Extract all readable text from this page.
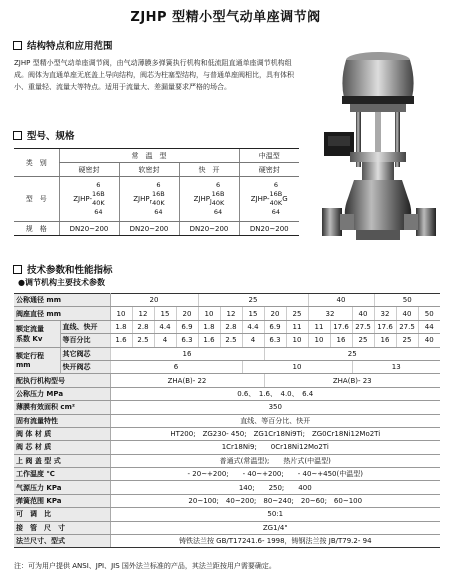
ZJHP 型精小型气动单座调节阀
结构特点和应用范围
ZJHP 型精小型气动单座调节阀，由气动薄膜多弹簧执行机构和低流阻直通单座调节机构组成。阀体为直通单座无底盖上导向结构，阀芯为柱塞型结构，与普通单座阀相比，具有体积小、重量轻、流量大等特点。适用于流量大、差漏量要求严格的场合。
型号、规格
类　别	常　温　型			中温型
	硬密封	软密封	快　开	硬密封
型　号	ZJHP-6
16B
40K
64	$ZJHP_r6$
16B
40K
64	$ZJHP_J6$
16B
40K
64	ZJHP-6
16B
40K
64G
规　格	DN20~200	DN20~200	DN20~200	DN20~200
技术参数和性能指标
●调节机构主要技术参数
公称通径 mm		20				25					40			50		
阀座直径 mm		10	12	15	20	10	12	15	20	25	32		40	32	40	50
额定流量
系数 Kv	直线、快开	1.8	2.8	4.4	6.9	1.8	2.8	4.4	6.9	11	11	17.6	27.5	17.6	27.5	44
	等百分比	1.6	2.5	4	6.3	1.6	2.5	4	6.3	10	10	16	25	16	25	40
额定行程
mm	其它阀芯	16							25							
	快开阀芯	6						10					13			
配执行机构型号		ZHA(B)- 22							ZHA(B)- 23							
公称压力 MPa		0.6、　1.6、　4.0、　6.4														
薄膜有效面积 cm²		350														
固有流量特性		直线、等百分比、快开														
阀 体 材 质		HT200;　ZG230- 450;　ZG1Cr18Ni9Ti;　ZG0Cr18Ni12Mo2Ti														
阀 芯 材 质		1Cr18Ni9;　　0Cr18Ni12Mo2Ti														
上 阀 盖 型 式		普通式(常温型);　　热片式(中温型)														
工作温度 ℃		- 20~+200;　　- 40~+200;　　- 40~+450(中温型)														
气源压力 KPa		140;　　250;　　400														
弹簧范围 KPa		20~100;　40~200;　80~240;　20~60;　60~100														
可　调　比		50:1														
接　管　尺　寸		ZG1/4"														
法兰尺寸、型式		铸铁法兰按 GB/T17241.6- 1998，铸钢法兰按 JB/T79.2- 94														
注：可为用户提供 ANSI、JPI、JIS 国外法兰标准的产品，其法兰距按用户需要确定。
